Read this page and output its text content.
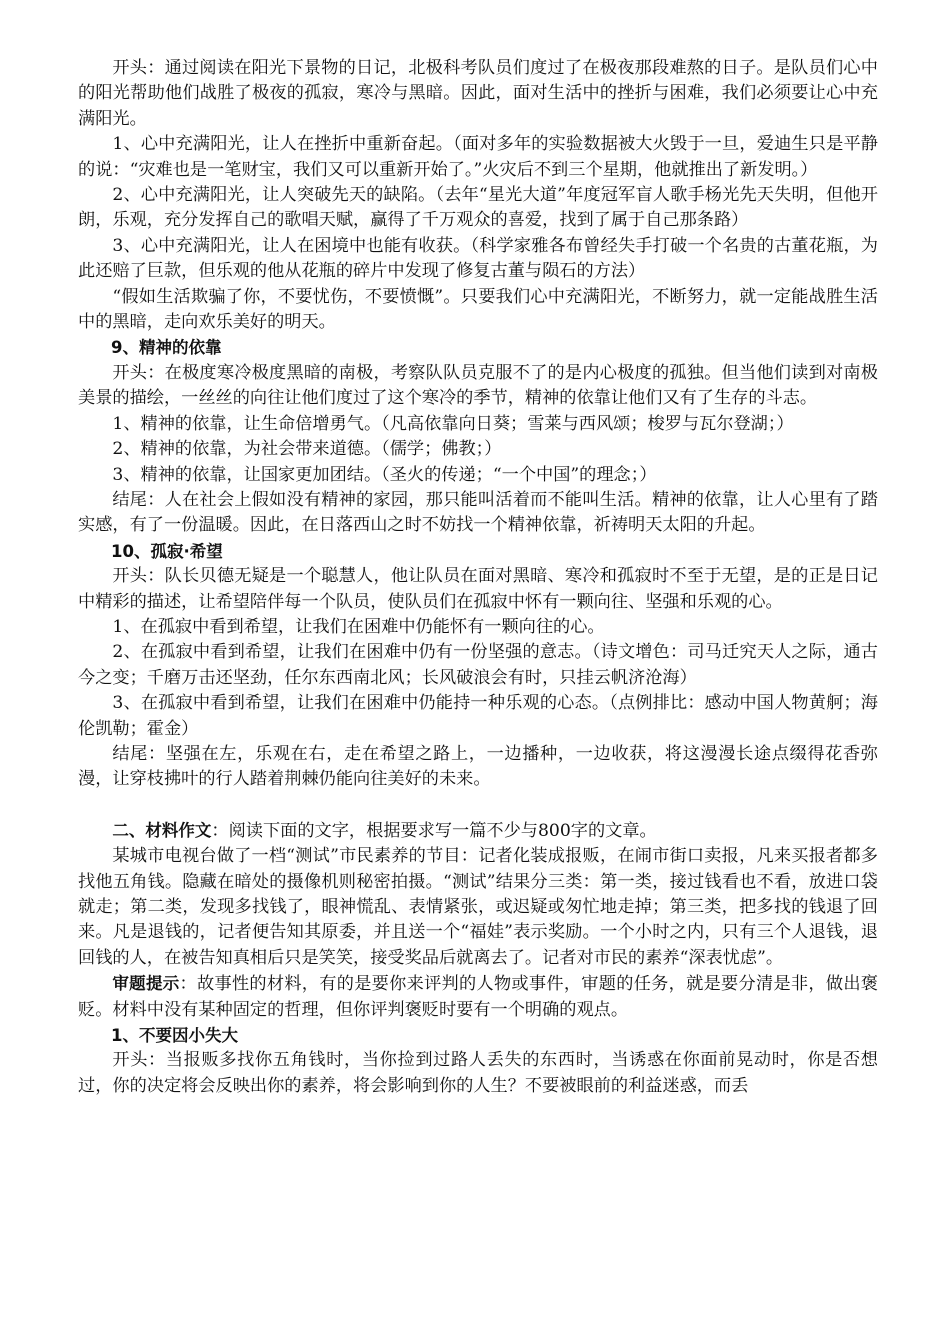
开头：通过阅读在阳光下景物的日记，北极科考队员们度过了在极夜那段难熬的日子。是队员们心中的阳光帮助他们战胜了极夜的孤寂，寒冷与黑暗。因此，面对生活中的挫折与困难，我们必须要让心中充满阳光。

1、心中充满阳光，让人在挫折中重新奋起。（面对多年的实验数据被大火毁于一旦，爱迪生只是平静的说：“灾难也是一笔财宝，我们又可以重新开始了。”火灾后不到三个星期，他就推出了新发明。）

2、心中充满阳光，让人突破先天的缺陷。（去年“星光大道”年度冠军盲人歌手杨光先天失明，但他开朗，乐观，充分发挥自己的歌唱天赋，赢得了千万观众的喜爱，找到了属于自己那条路）

3、心中充满阳光，让人在困境中也能有收获。（科学家雅各布曾经失手打破一个名贵的古董花瓶，为此还赔了巨款，但乐观的他从花瓶的碎片中发现了修复古董与陨石的方法）

“假如生活欺骗了你，不要忧伤，不要愤慨”。只要我们心中充满阳光，不断努力，就一定能战胜生活中的黑暗，走向欢乐美好的明天。

9、精神的依靠

开头：在极度寒冷极度黑暗的南极，考察队队员克服不了的是内心极度的孤独。但当他们读到对南极美景的描绘，一丝丝的向往让他们度过了这个寒冷的季节，精神的依靠让他们又有了生存的斗志。

1、精神的依靠，让生命倍增勇气。（凡高依靠向日葵；雪莱与西风颂；梭罗与瓦尔登湖；）

2、精神的依靠，为社会带来道德。（儒学；佛教；）

3、精神的依靠，让国家更加团结。（圣火的传递；“一个中国”的理念；）

结尾：人在社会上假如没有精神的家园，那只能叫活着而不能叫生活。精神的依靠，让人心里有了踏实感，有了一份温暖。因此，在日落西山之时不妨找一个精神依靠，祈祷明天太阳的升起。

10、孤寂·希望

开头：队长贝德无疑是一个聪慧人，他让队员在面对黑暗、寒冷和孤寂时不至于无望，是的正是日记中精彩的描述，让希望陪伴每一个队员，使队员们在孤寂中怀有一颗向往、坚强和乐观的心。

1、在孤寂中看到希望，让我们在困难中仍能怀有一颗向往的心。

2、在孤寂中看到希望，让我们在困难中仍有一份坚强的意志。（诗文增色：司马迁究天人之际，通古今之变；千磨万击还坚劲，任尔东西南北风；长风破浪会有时，只挂云帆济沧海）

3、在孤寂中看到希望，让我们在困难中仍能持一种乐观的心态。（点例排比：感动中国人物黄舸；海伦凯勒；霍金）

结尾：坚强在左，乐观在右，走在希望之路上，一边播种，一边收获，将这漫漫长途点缀得花香弥漫，让穿枝拂叶的行人踏着荆棘仍能向往美好的未来。

二、材料作文：阅读下面的文字，根据要求写一篇不少与800字的文章。

某城市电视台做了一档“测试”市民素养的节目：记者化装成报贩，在闹市街口卖报，凡来买报者都多找他五角钱。隐藏在暗处的摄像机则秘密拍摄。“测试”结果分三类：第一类，接过钱看也不看，放进口袋就走；第二类，发现多找钱了，眼神慌乱、表情紧张，或迟疑或匆忙地走掉；第三类，把多找的钱退了回来。凡是退钱的，记者便告知其原委，并且送一个“福娃”表示奖励。一个小时之内，只有三个人退钱，退回钱的人，在被告知真相后只是笑笑，接受奖品后就离去了。记者对市民的素养“深表忧虑”。

审题提示：故事性的材料，有的是要你来评判的人物或事件，审题的任务，就是要分清是非，做出褒贬。材料中没有某种固定的哲理，但你评判褒贬时要有一个明确的观点。

1、不要因小失大

开头：当报贩多找你五角钱时，当你捡到过路人丢失的东西时，当诱惑在你面前晃动时，你是否想过，你的决定将会反映出你的素养，将会影响到你的人生？不要被眼前的利益迷惑，而丢
